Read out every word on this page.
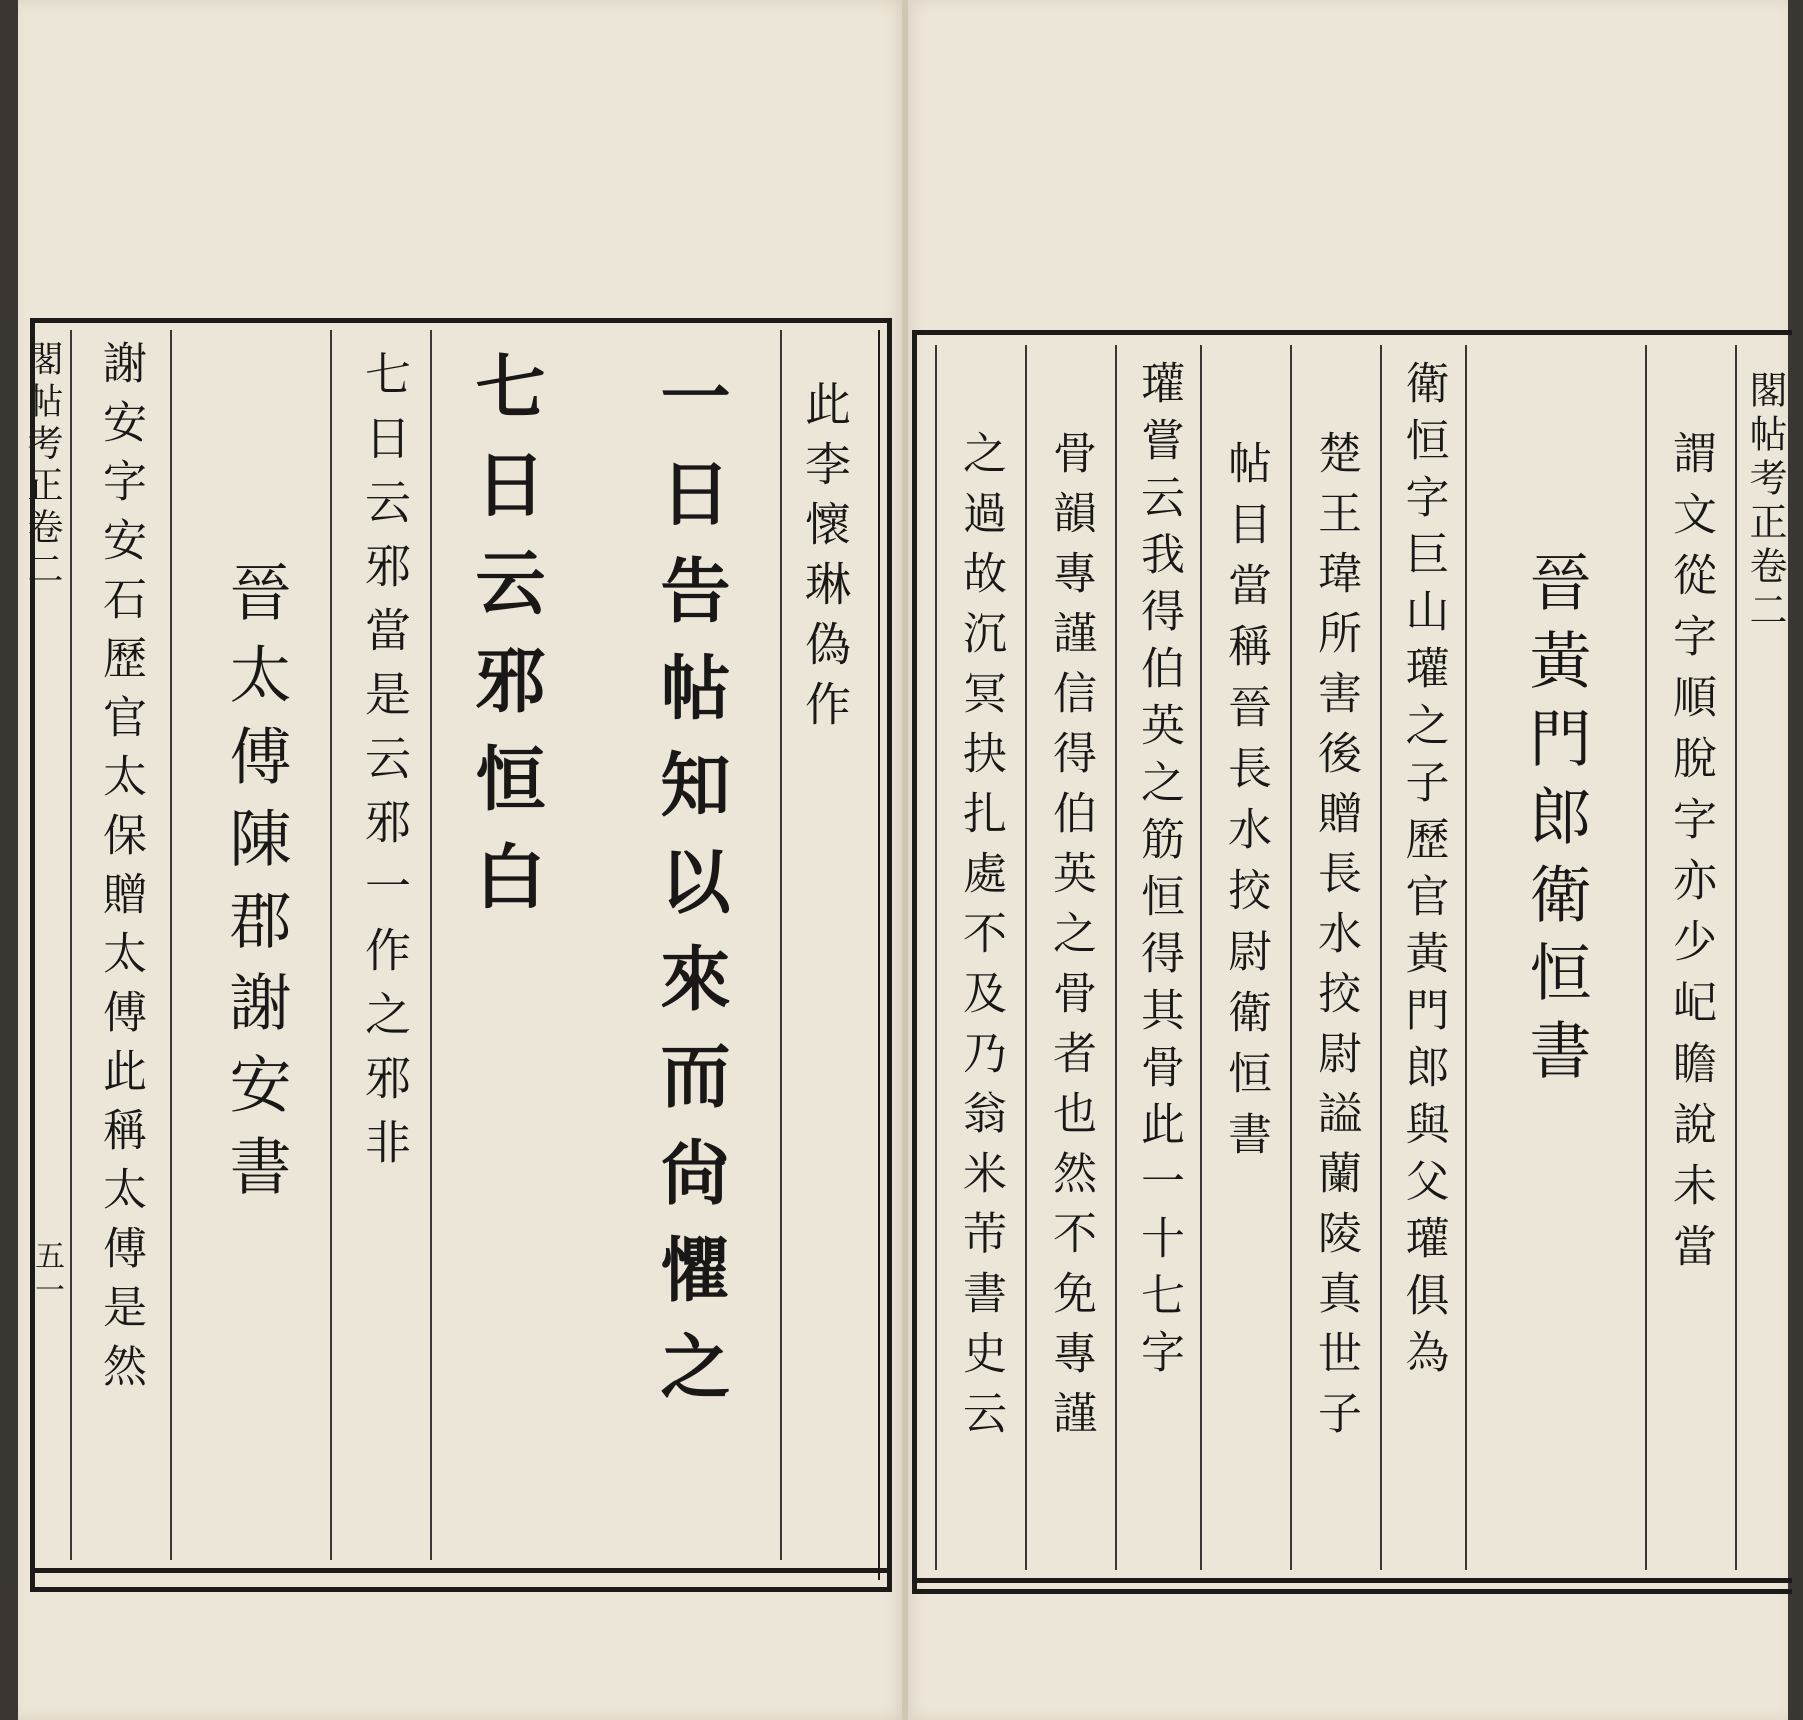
閣帖考正卷二
五一
此李懷琳偽作
一日告帖知以來而尙懼之
七日云邪當是云邪一作之邪非 七日云邪恒白
晉太傅陳郡謝安書
謝安字安石歷官太保贈太傅此稱太傅是然	閣帖考正卷二
謂文從字順脫字亦少屺瞻說未當
晉黃門郎衛恒書
衛恒字巨山瓘之子歷官黃門郎與父瓘俱為
楚王瑋所害後贈長水挍尉謚蘭陵真世子
帖目當稱晉長水挍尉衛恒書
瓘嘗云我得伯英之筋恒得其骨此一十七字
骨韻專謹信得伯英之骨者也然不免專謹
之過故沉冥抉扎處不及乃翁米芾書史云
